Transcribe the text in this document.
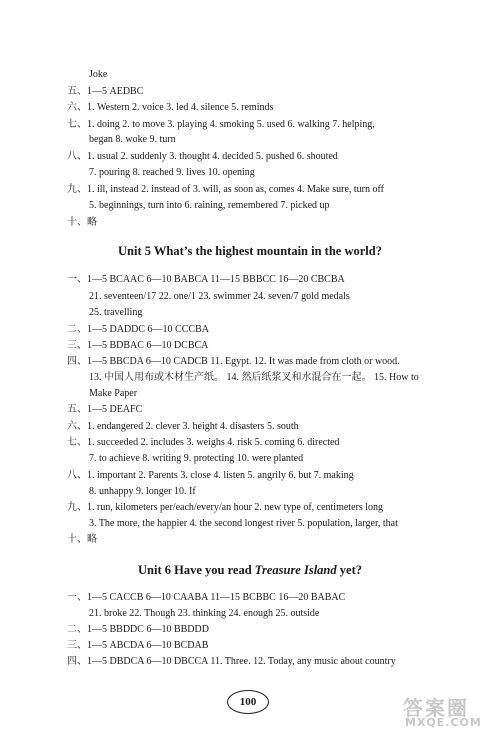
Joke
五、1—5 AEDBC
六、1. Western 2. voice 3. led 4. silence 5. reminds
七、1. doing 2. to move 3. playing 4. smoking 5. used 6. walking 7. helping,
began 8. woke 9. turn
八、1. usual 2. suddenly 3. thought 4. decided 5. pushed 6. shouted
7. pouring 8. reached 9. lives 10. opening
九、1. ill, instead 2. instead of 3. will, as soon as, comes 4. Make sure, turn off
5. beginnings, turn into 6. raining, remembered 7. picked up
十、略
Unit 5 What’s the highest mountain in the world?
一、1—5 BCAAC 6—10 BABCA 11—15 BBBCC 16—20 CBCBA
21. seventeen/17 22. one/1 23. swimmer 24. seven/7 gold medals
25. travelling
二、1—5 DADDC 6—10 CCCBA
三、1—5 BDBAC 6—10 DCBCA
四、1—5 BBCDA 6—10 CADCB 11. Egypt. 12. It was made from cloth or wood.
13. 中国人用布或木材生产纸。 14. 然后纸浆叉和水混合在一起。 15. How to
Make Paper
五、1—5 DEAFC
六、1. endangered 2. clever 3. height 4. disasters 5. south
七、1. succeeded 2. includes 3. weighs 4. risk 5. coming 6. directed
7. to achieve 8. writing 9. protecting 10. were planted
八、1. important 2. Parents 3. close 4. listen 5. angrily 6. but 7. making
8. unhappy 9. longer 10. If
九、1. run, kilometers per/each/every/an hour 2. new type of, centimeters long
3. The more, the happier 4. the second longest river 5. population, larger, that
十、略
Unit 6 Have you read Treasure Island yet?
一、1—5 CACCB 6—10 CAABA 11—15 BCBBC 16—20 BABAC
21. broke 22. Though 23. thinking 24. enough 25. outside
二、1—5 BBDDC 6—10 BBDDD
三、1—5 ABCDA 6—10 BCDAB
四、1—5 DBDCA 6—10 DBCCA 11. Three. 12. Today, any music about country
100	答案圈
MXQE.COM
